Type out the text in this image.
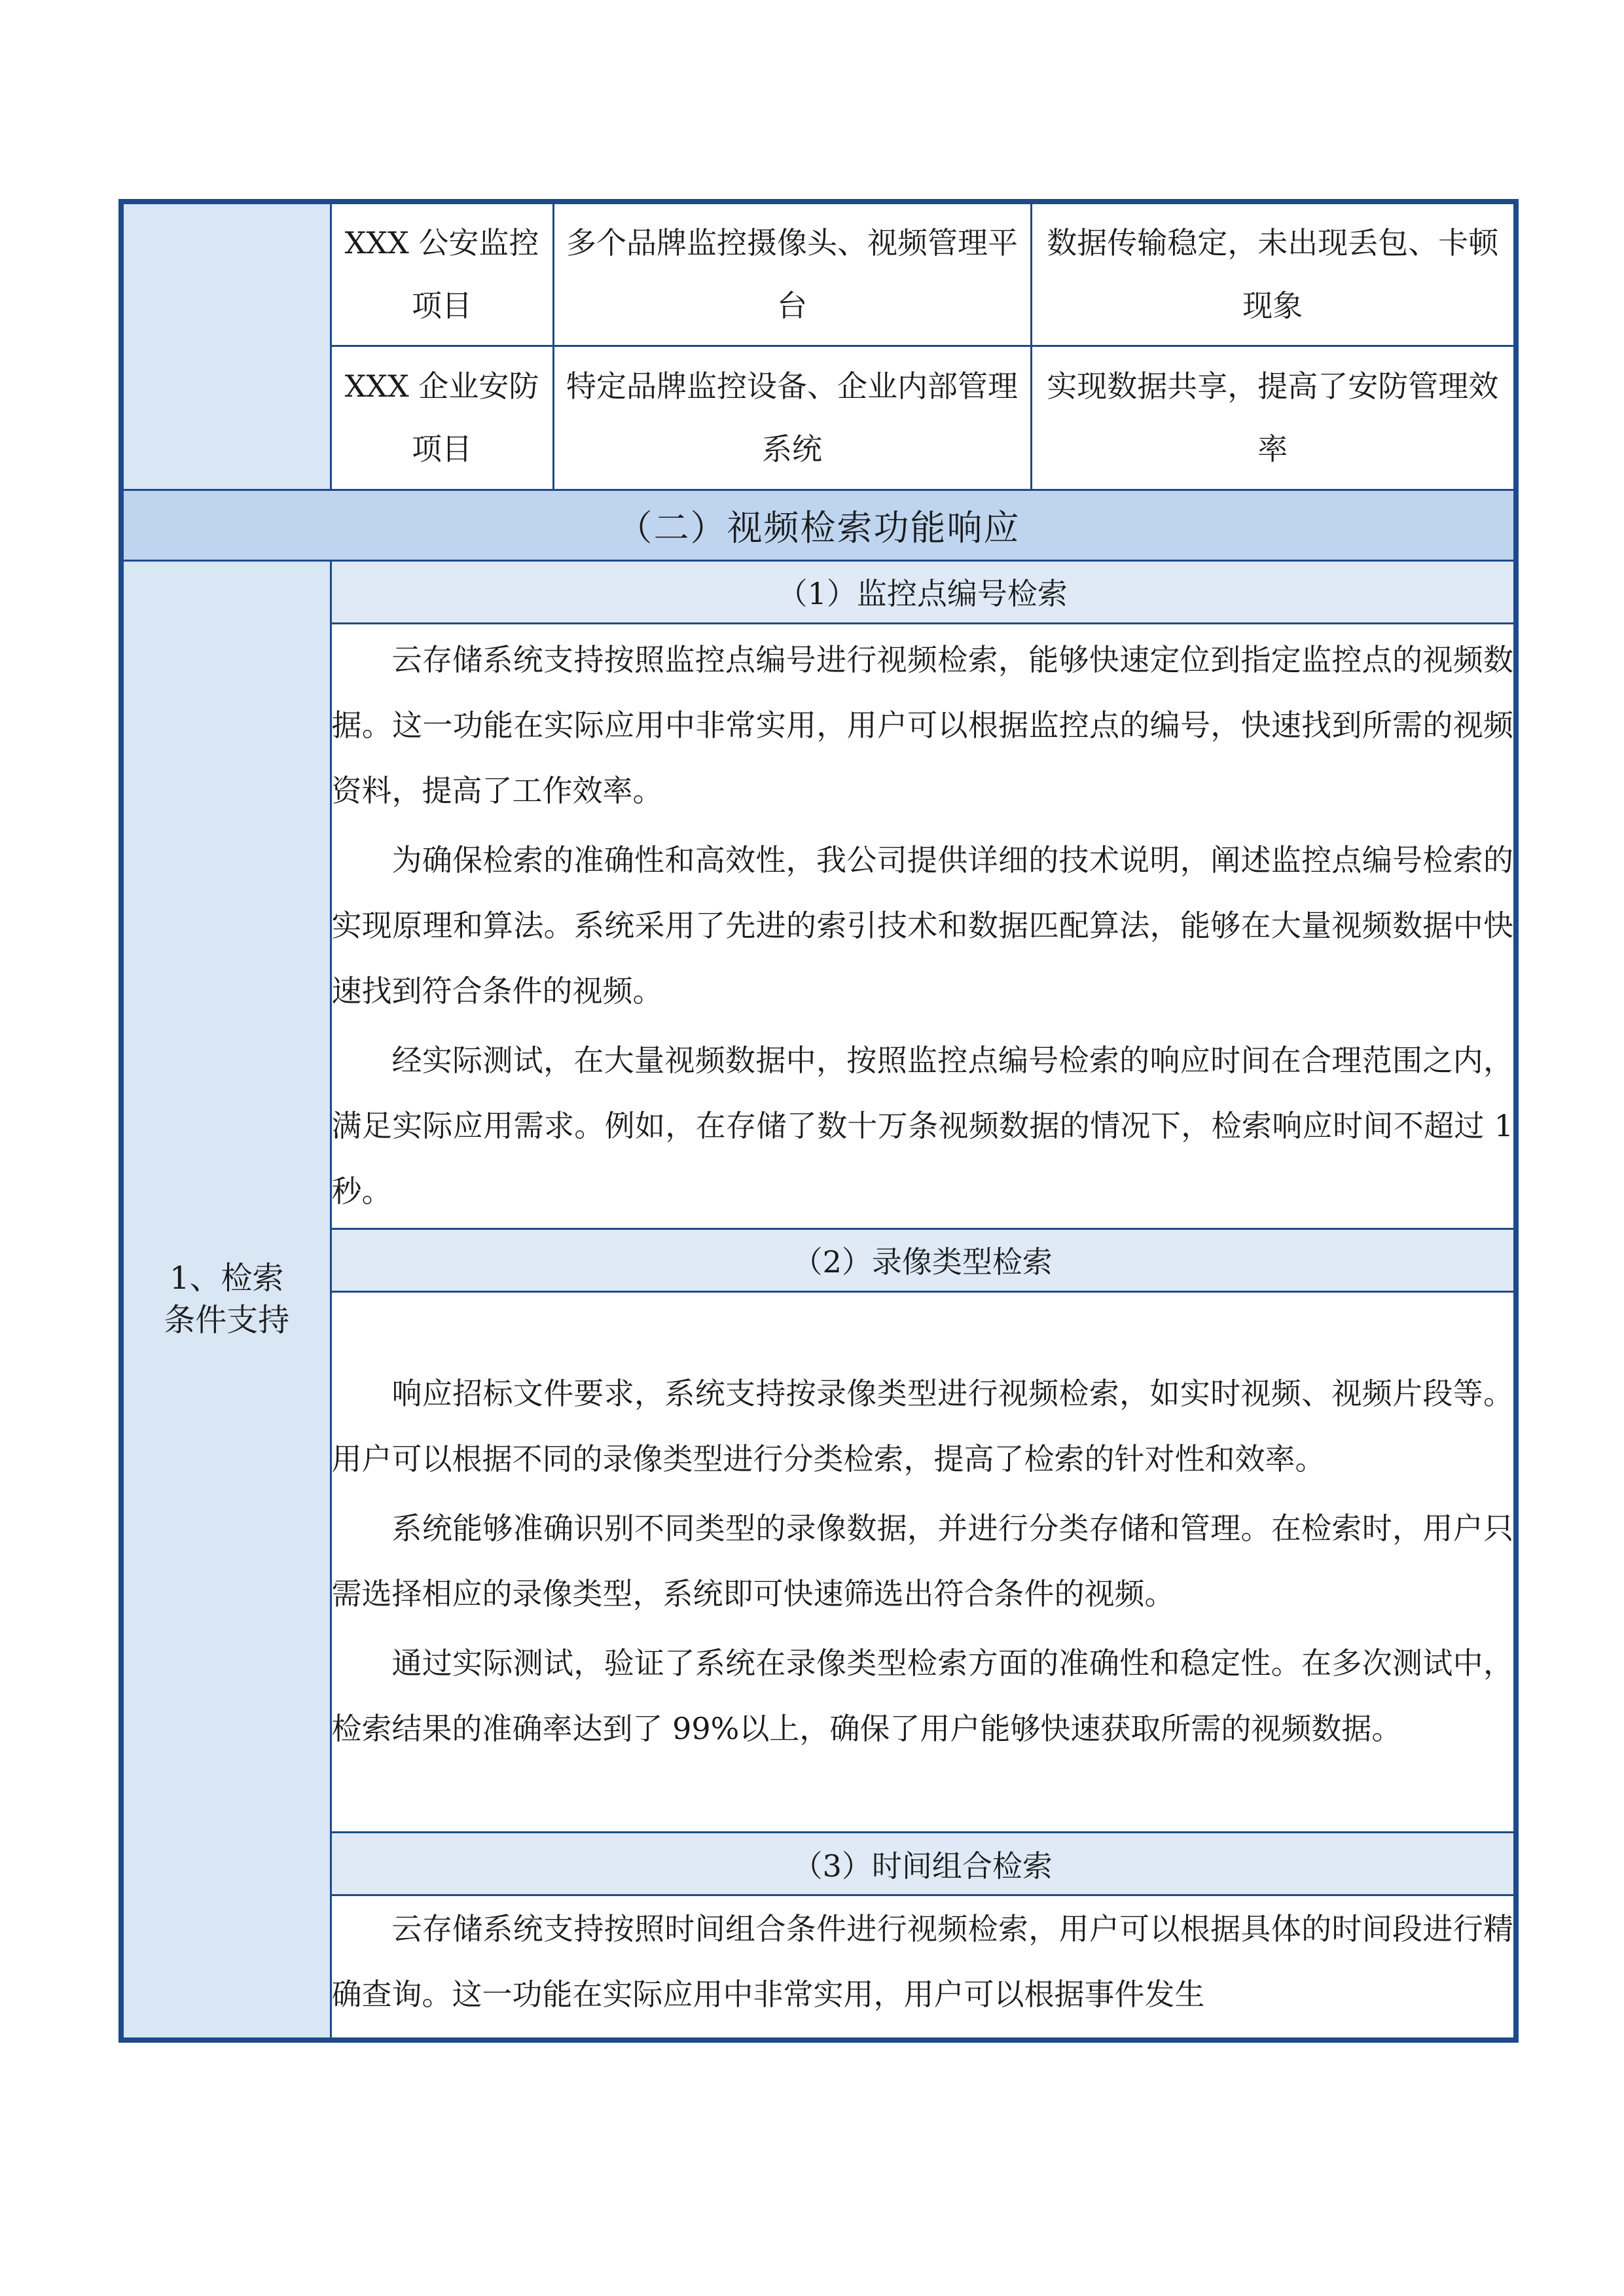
	XXX 公安监控项目	多个品牌监控摄像头、视频管理平台	数据传输稳定，未出现丢包、卡顿现象
	XXX 企业安防项目	特定品牌监控设备、企业内部管理系统	实现数据共享，提高了安防管理效率
（二）视频检索功能响应			

1、检索条件支持	（1）监控点编号检索		

	云存储系统支持按照监控点编号进行视频检索，能够快速定位到指定监控点的视频数据。这一功能在实际应用中非常实用，用户可以根据监控点的编号，快速找到所需的视频资料，提高了工作效率。

为确保检索的准确性和高效性，我公司提供详细的技术说明，阐述监控点编号检索的实现原理和算法。系统采用了先进的索引技术和数据匹配算法，能够在大量视频数据中快速找到符合条件的视频。

经实际测试，在大量视频数据中，按照监控点编号检索的响应时间在合理范围之内，满足实际应用需求。例如，在存储了数十万条视频数据的情况下，检索响应时间不超过 1 秒。		

	（2）录像类型检索		

	响应招标文件要求，系统支持按录像类型进行视频检索，如实时视频、视频片段等。用户可以根据不同的录像类型进行分类检索，提高了检索的针对性和效率。

系统能够准确识别不同类型的录像数据，并进行分类存储和管理。在检索时，用户只需选择相应的录像类型，系统即可快速筛选出符合条件的视频。

通过实际测试，验证了系统在录像类型检索方面的准确性和稳定性。在多次测试中，检索结果的准确率达到了 99%以上，确保了用户能够快速获取所需的视频数据。		

	（3）时间组合检索		

	云存储系统支持按照时间组合条件进行视频检索，用户可以根据具体的时间段进行精确查询。这一功能在实际应用中非常实用，用户可以根据事件发生		
